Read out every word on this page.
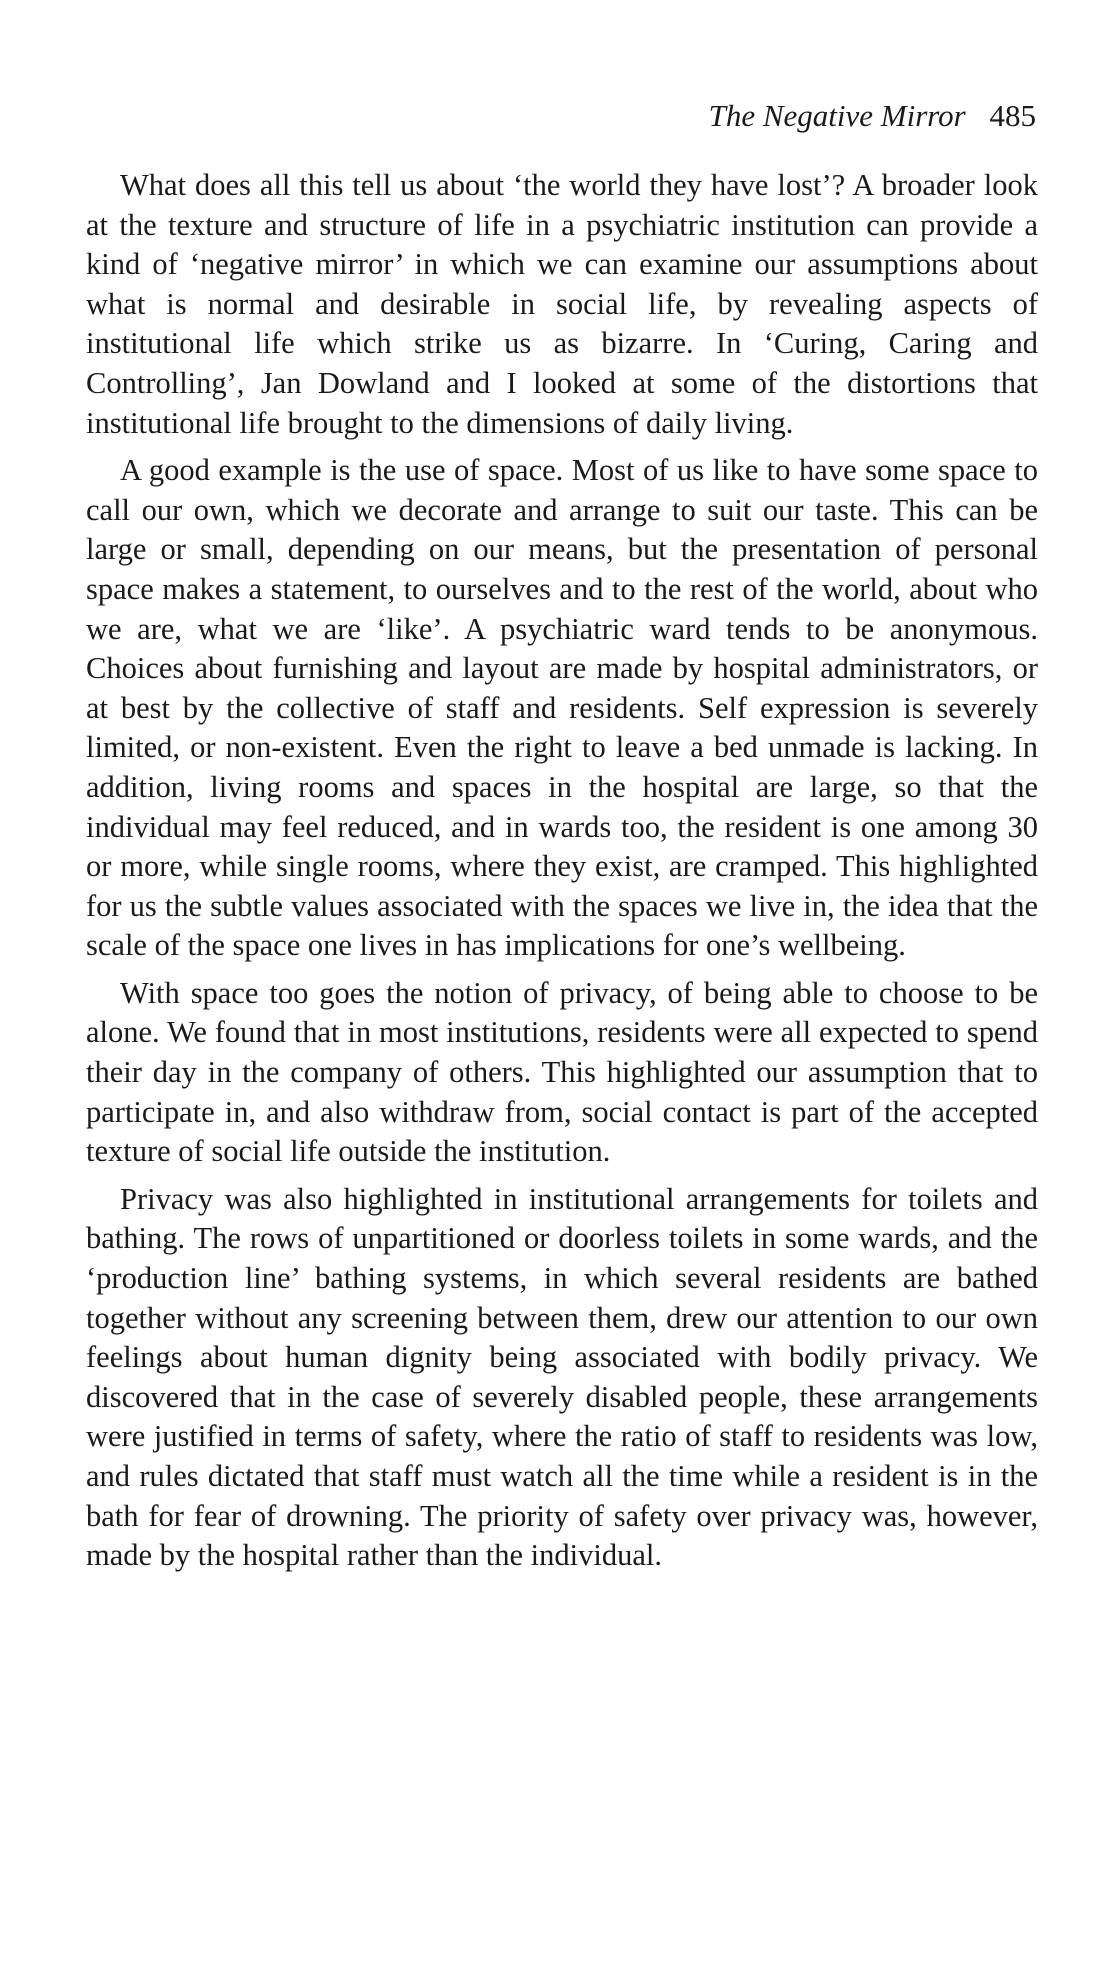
The Negative Mirror 485

What does all this tell us about ‘the world they have lost’? A broader look at the texture and structure of life in a psychiatric institution can provide a kind of ‘negative mirror’ in which we can examine our assumptions about what is normal and desirable in social life, by revealing aspects of institutional life which strike us as bizarre. In ‘Curing, Caring and Controlling’, Jan Dowland and I looked at some of the distortions that institutional life brought to the dimensions of daily living.

A good example is the use of space. Most of us like to have some space to call our own, which we decorate and arrange to suit our taste. This can be large or small, depending on our means, but the presentation of personal space makes a statement, to ourselves and to the rest of the world, about who we are, what we are ‘like’. A psychiatric ward tends to be anonymous. Choices about furnishing and layout are made by hospital administrators, or at best by the collective of staff and residents. Self expression is severely limited, or non-existent. Even the right to leave a bed unmade is lacking. In addition, living rooms and spaces in the hospital are large, so that the individual may feel reduced, and in wards too, the resident is one among 30 or more, while single rooms, where they exist, are cramped. This highlighted for us the subtle values associated with the spaces we live in, the idea that the scale of the space one lives in has implications for one’s wellbeing.

With space too goes the notion of privacy, of being able to choose to be alone. We found that in most institutions, residents were all expected to spend their day in the company of others. This highlighted our assumption that to participate in, and also withdraw from, social contact is part of the accepted texture of social life outside the institution.

Privacy was also highlighted in institutional arrangements for toilets and bathing. The rows of unpartitioned or doorless toilets in some wards, and the ‘production line’ bathing systems, in which several residents are bathed together without any screening between them, drew our attention to our own feelings about human dignity being associated with bodily privacy. We discovered that in the case of severely disabled people, these arrangements were justified in terms of safety, where the ratio of staff to residents was low, and rules dictated that staff must watch all the time while a resident is in the bath for fear of drowning. The priority of safety over privacy was, however, made by the hospital rather than the individual.
